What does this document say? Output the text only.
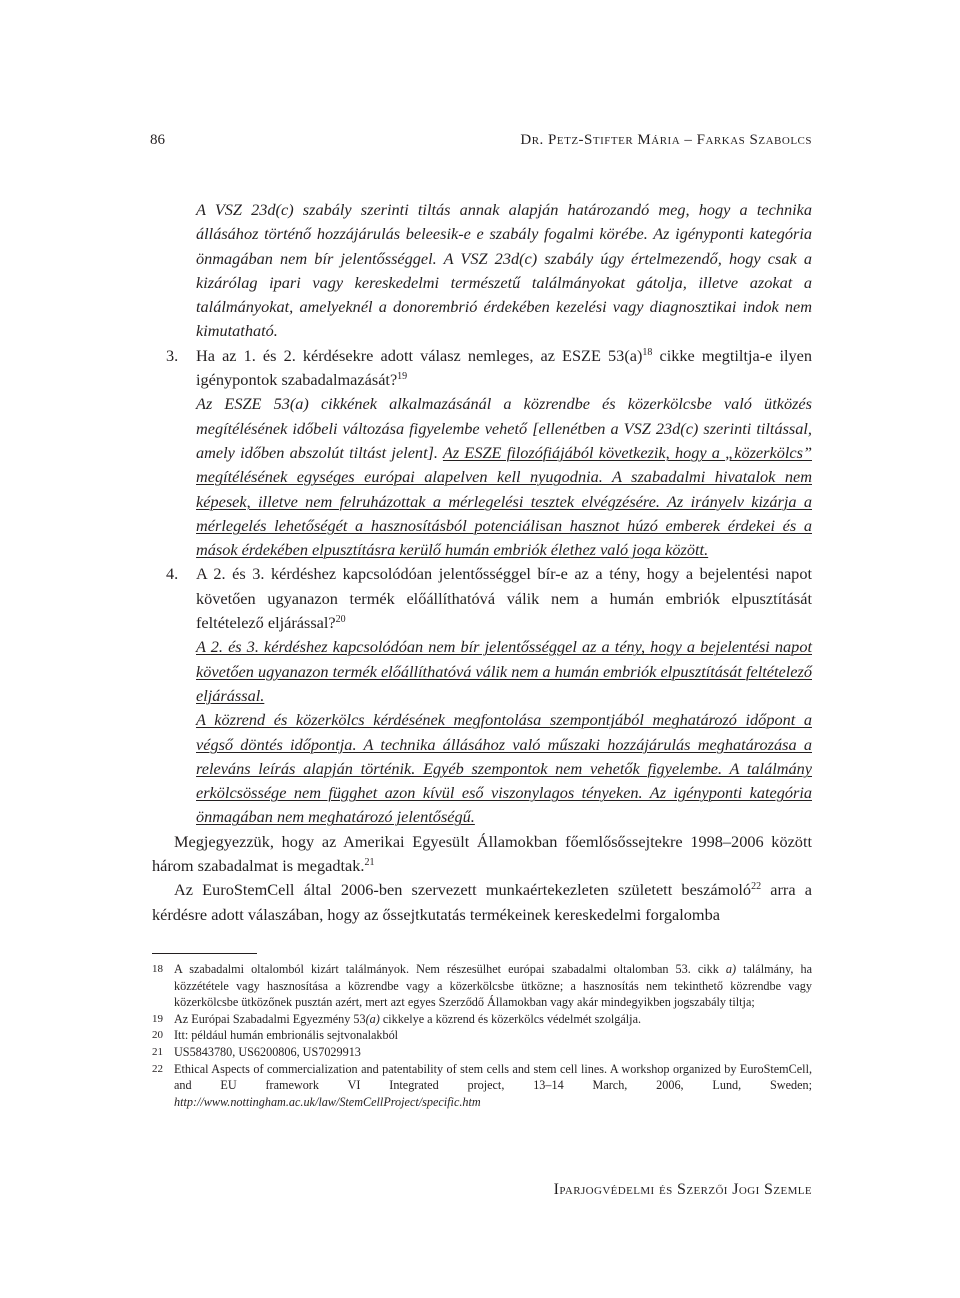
86	Dr. Petz-Stifter Mária – Farkas Szabolcs
A VSZ 23d(c) szabály szerinti tiltás annak alapján határozandó meg, hogy a technika állásához történő hozzájárulás beleesik-e e szabály fogalmi körébe. Az igényponti kategória önmagában nem bír jelentősséggel. A VSZ 23d(c) szabály úgy értelmezendő, hogy csak a kizárólag ipari vagy kereskedelmi természetű találmányokat gátolja, illetve azokat a találmányokat, amelyeknél a donorembrió érdekében kezelési vagy diagnosztikai indok nem kimutatható.
3. Ha az 1. és 2. kérdésekre adott válasz nemleges, az ESZE $53(a)^{18}$ cikke megtiltja-e ilyen igénypontok szabadalmazását?$^{19}$
Az ESZE 53(a) cikkének alkalmazásánál a közrendbe és közerkölcsbe való ütközés megítélésének időbeli változása figyelembe vehető [ellenétben a VSZ 23d(c) szerinti tiltással, amely időben abszolút tiltást jelent]. Az ESZE filozófiájából következik, hogy a „közerkölcs” megítélésének egységes európai alapelven kell nyugodnia. A szabadalmi hivatalok nem képesek, illetve nem felruházottak a mérlegelési tesztek elvégzésére. Az irányelv kizárja a mérlegelés lehetőségét a hasznosításból potenciálisan hasznot húzó emberek érdekei és a mások érdekében elpusztításra kerülő humán embriók élethez való joga között.
4. A 2. és 3. kérdéshez kapcsolódóan jelentősséggel bír-e az a tény, hogy a bejelentési napot követően ugyanazon termék előállíthatóvá válik nem a humán embriók elpusztítását feltételező eljárással?$^{20}$
A 2. és 3. kérdéshez kapcsolódóan nem bír jelentősséggel az a tény, hogy a bejelentési napot követően ugyanazon termék előállíthatóvá válik nem a humán embriók elpusztítását feltételező eljárással.
A közrend és közerkölcs kérdésének megfontolása szempontjából meghatározó időpont a végső döntés időpontja. A technika állásához való műszaki hozzájárulás meghatározása a releváns leírás alapján történik. Egyéb szempontok nem vehetők figyelembe. A találmány erkölcsössége nem függhet azon kívül eső viszonylagos tényeken. Az igényponti kategória önmagában nem meghatározó jelentőségű.
Megjegyezzük, hogy az Amerikai Egyesült Államokban főemlősőssejtekre 1998–2006 között három szabadalmat is megadtak.$^{21}$
Az EuroStemCell által 2006-ben szervezett munkaértekezleten született beszámoló$^{22}$ arra a kérdésre adott válaszában, hogy az őssejtkutatás termékeinek kereskedelmi forgalomba
18 A szabadalmi oltalomból kizárt találmányok. Nem részesülhet európai szabadalmi oltalomban 53. cikk a) találmány, ha közzététele vagy hasznosítása a közrendbe vagy a közerkölcsbe ütközne; a hasznosítás nem tekinthető közrendbe vagy közerkölcsbe ütközőnek pusztán azért, mert azt egyes Szerződő Államokban vagy akár mindegyikben jogszabály tiltja;
19 Az Európai Szabadalmi Egyezmény 53(a) cikkelye a közrend és közerkölcs védelmét szolgálja.
20 Itt: például humán embrionális sejtvonalakból
21 US5843780, US6200806, US7029913
22 Ethical Aspects of commercialization and patentability of stem cells and stem cell lines. A workshop organized by EuroStemCell, and EU framework VI Integrated project, 13–14 March, 2006, Lund, Sweden; http://www.nottingham.ac.uk/law/StemCellProject/specific.htm
Iparjogvédelmi és Szerzői Jogi Szemle
